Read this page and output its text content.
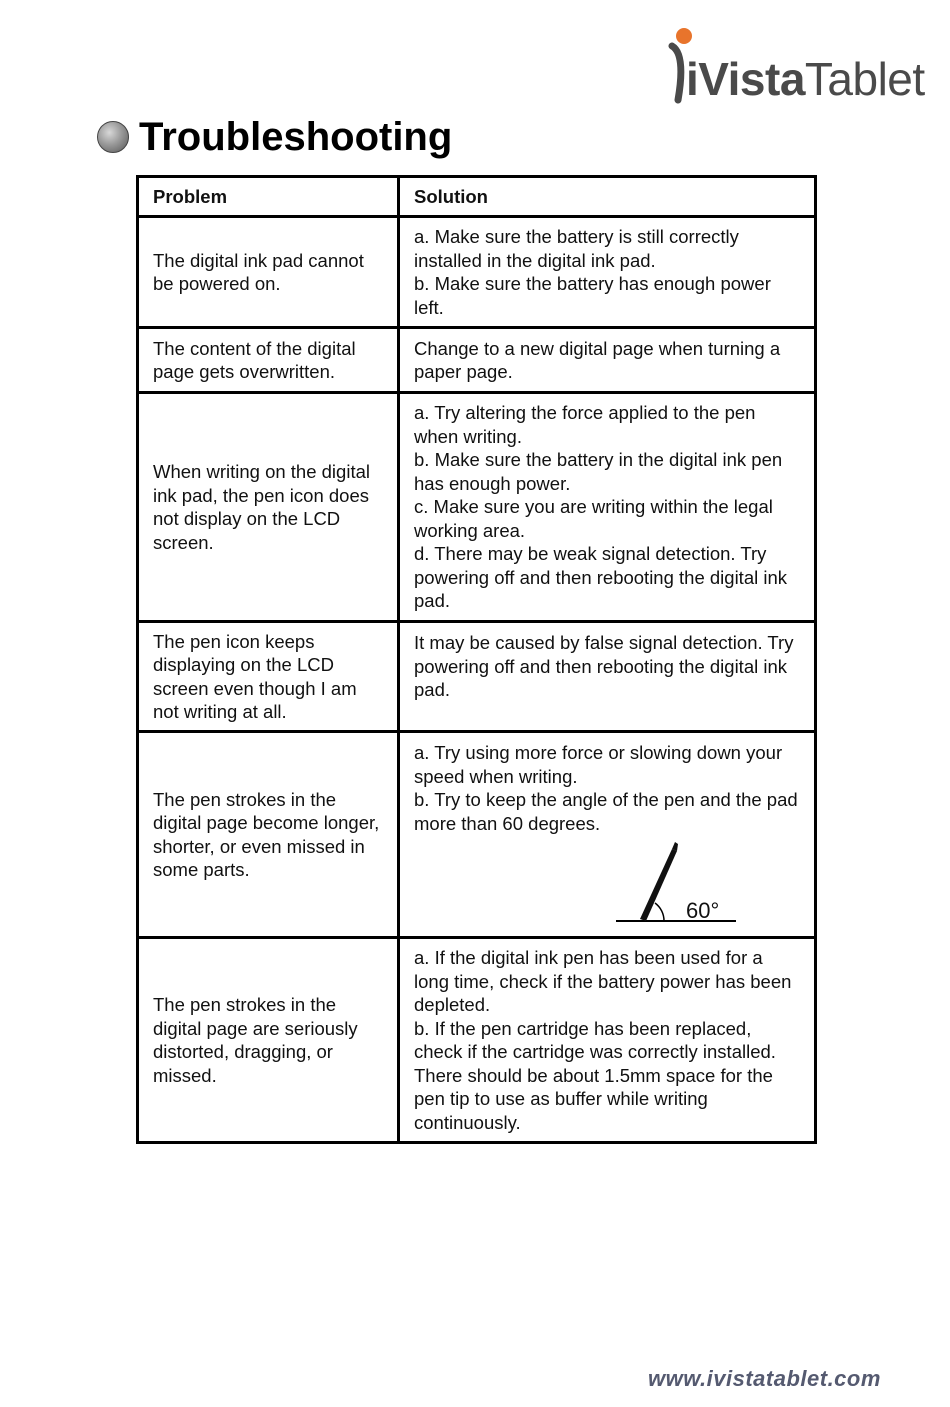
iVistaTablet
Troubleshooting
Problem	Solution
The digital ink pad cannot be powered on.	a. Make sure the battery is still correctly installed in the digital ink pad.
b. Make sure the battery has enough power left.
The content of the digital page gets overwritten.	Change to a new digital page when turning a paper page.
When writing on the digital ink pad, the pen icon does not display on the LCD screen.	a. Try altering the force applied to the pen when writing.
b. Make sure the battery in the digital ink pen has enough power.
c. Make sure you are writing within the legal working area.
d. There may be weak signal detection. Try powering off and then rebooting the digital ink pad.
The pen icon keeps displaying on the LCD screen even though I am not writing at all.	It may be caused by false signal detection. Try powering off and then rebooting the digital ink pad.
The pen strokes in the digital page become longer, shorter, or even missed in some parts.	a. Try using more force or slowing down your speed when writing.
b. Try to keep the angle of the pen and the pad more than 60 degrees.
60°

The pen strokes in the digital page are seriously distorted, dragging, or missed.	a. If the digital ink pen has been used for a long time, check if the battery power has been depleted.
b. If the pen cartridge has been replaced, check if the cartridge was correctly installed. There should be about 1.5mm space for the pen tip to use as buffer while writing continuously.
www.ivistatablet.com
